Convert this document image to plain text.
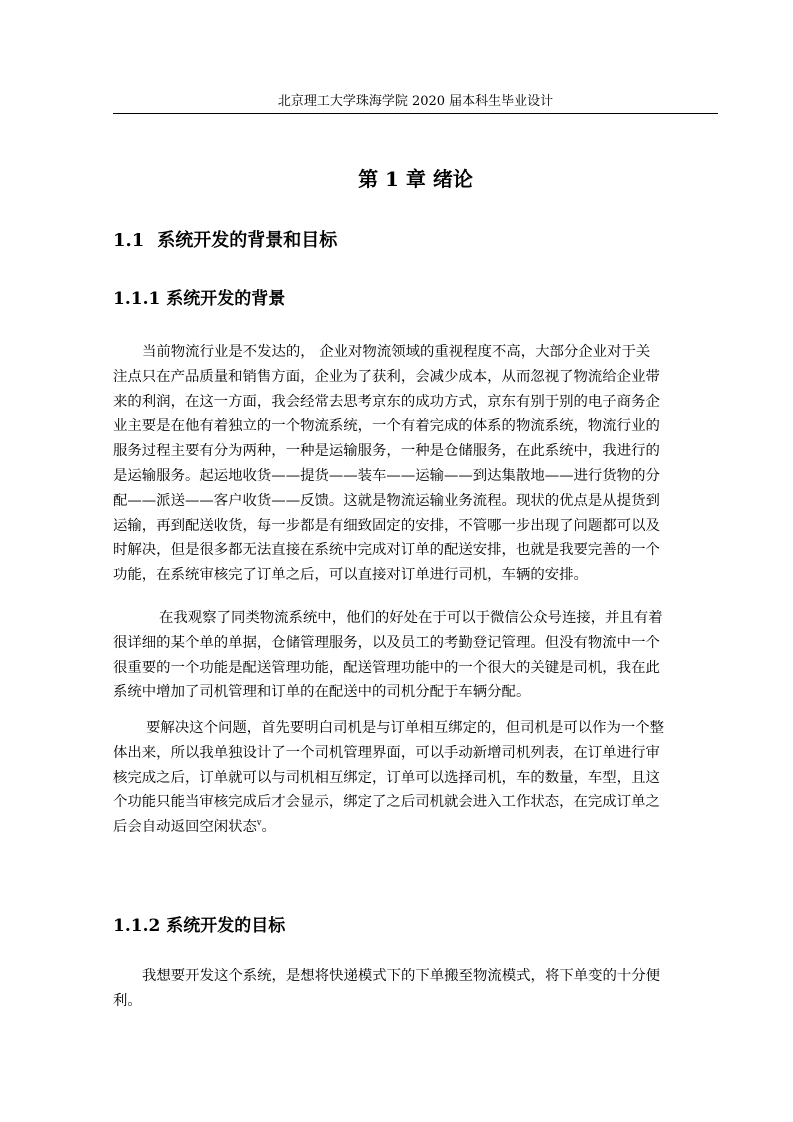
北京理工大学珠海学院 2020 届本科生毕业设计
第 1 章 绪论
1.1 系统开发的背景和目标
1.1.1 系统开发的背景
当前物流行业是不发达的， 企业对物流领域的重视程度不高，大部分企业对于关
注点只在产品质量和销售方面，企业为了获利，会减少成本，从而忽视了物流给企业带
来的利润，在这一方面，我会经常去思考京东的成功方式，京东有别于别的电子商务企
业主要是在他有着独立的一个物流系统，一个有着完成的体系的物流系统，物流行业的
服务过程主要有分为两种，一种是运输服务，一种是仓储服务，在此系统中，我进行的
是运输服务。起运地收货——提货——装车——运输——到达集散地——进行货物的分
配——派送——客户收货——反馈。这就是物流运输业务流程。现状的优点是从提货到
运输，再到配送收货，每一步都是有细致固定的安排，不管哪一步出现了问题都可以及
时解决，但是很多都无法直接在系统中完成对订单的配送安排，也就是我要完善的一个
功能，在系统审核完了订单之后，可以直接对订单进行司机，车辆的安排。
在我观察了同类物流系统中，他们的好处在于可以于微信公众号连接，并且有着
很详细的某个单的单据，仓储管理服务，以及员工的考勤登记管理。但没有物流中一个
很重要的一个功能是配送管理功能，配送管理功能中的一个很大的关键是司机，我在此
系统中增加了司机管理和订单的在配送中的司机分配于车辆分配。
要解决这个问题，首先要明白司机是与订单相互绑定的，但司机是可以作为一个整
体出来，所以我单独设计了一个司机管理界面，可以手动新增司机列表，在订单进行审
核完成之后，订单就可以与司机相互绑定，订单可以选择司机，车的数量，车型，且这
个功能只能当审核完成后才会显示，绑定了之后司机就会进入工作状态，在完成订单之
后会自动返回空闲状态$^v$。
1.1.2 系统开发的目标
我想要开发这个系统，是想将快递模式下的下单搬至物流模式，将下单变的十分便
利。
